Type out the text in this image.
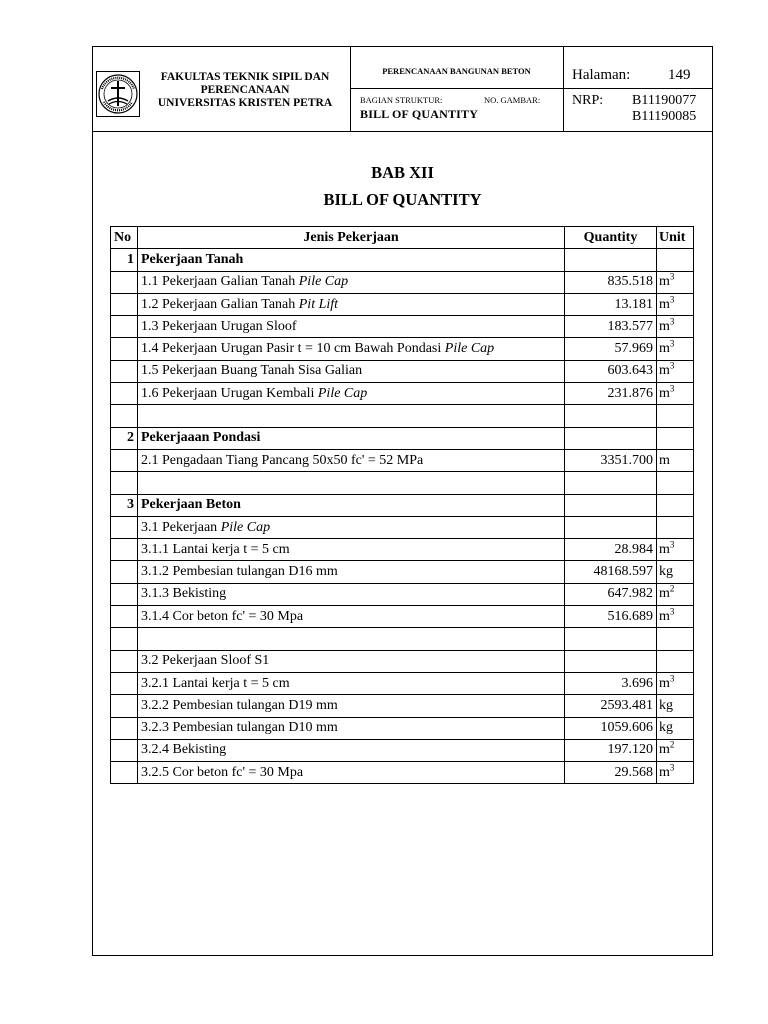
FAKULTAS TEKNIK SIPIL DAN
PERENCANAAN
UNIVERSITAS KRISTEN PETRA
PERENCANAAN BANGUNAN BETON
BAGIAN STRUKTUR:	NO. GAMBAR:
BILL OF QUANTITY
Halaman:	149
NRP: B11190077
B11190085
BAB XII
BILL OF QUANTITY
No	Jenis Pekerjaan	Quantity	Unit
1	Pekerjaan Tanah		
	1.1 Pekerjaan Galian Tanah Pile Cap	835.518	$m^3$
	1.2 Pekerjaan Galian Tanah Pit Lift	13.181	$m^3$
	1.3 Pekerjaan Urugan Sloof	183.577	$m^3$
	1.4 Pekerjaan Urugan Pasir t = 10 cm Bawah Pondasi Pile Cap	57.969	$m^3$
	1.5 Pekerjaan Buang Tanah Sisa Galian	603.643	$m^3$
	1.6 Pekerjaan Urugan Kembali Pile Cap	231.876	$m^3$

2	Pekerjaaan Pondasi		
	2.1 Pengadaan Tiang Pancang 50x50 fc' = 52 MPa	3351.700	m

3	Pekerjaan Beton		
	3.1 Pekerjaan Pile Cap		
	3.1.1 Lantai kerja t = 5 cm	28.984	$m^3$
	3.1.2 Pembesian tulangan D16 mm	48168.597	kg
	3.1.3 Bekisting	647.982	$m^2$
	3.1.4 Cor beton fc' = 30 Mpa	516.689	$m^3$

	3.2 Pekerjaan Sloof S1		
	3.2.1 Lantai kerja t = 5 cm	3.696	$m^3$
	3.2.2 Pembesian tulangan D19 mm	2593.481	kg
	3.2.3 Pembesian tulangan D10 mm	1059.606	kg
	3.2.4 Bekisting	197.120	$m^2$
	3.2.5 Cor beton fc' = 30 Mpa	29.568	$m^3$
